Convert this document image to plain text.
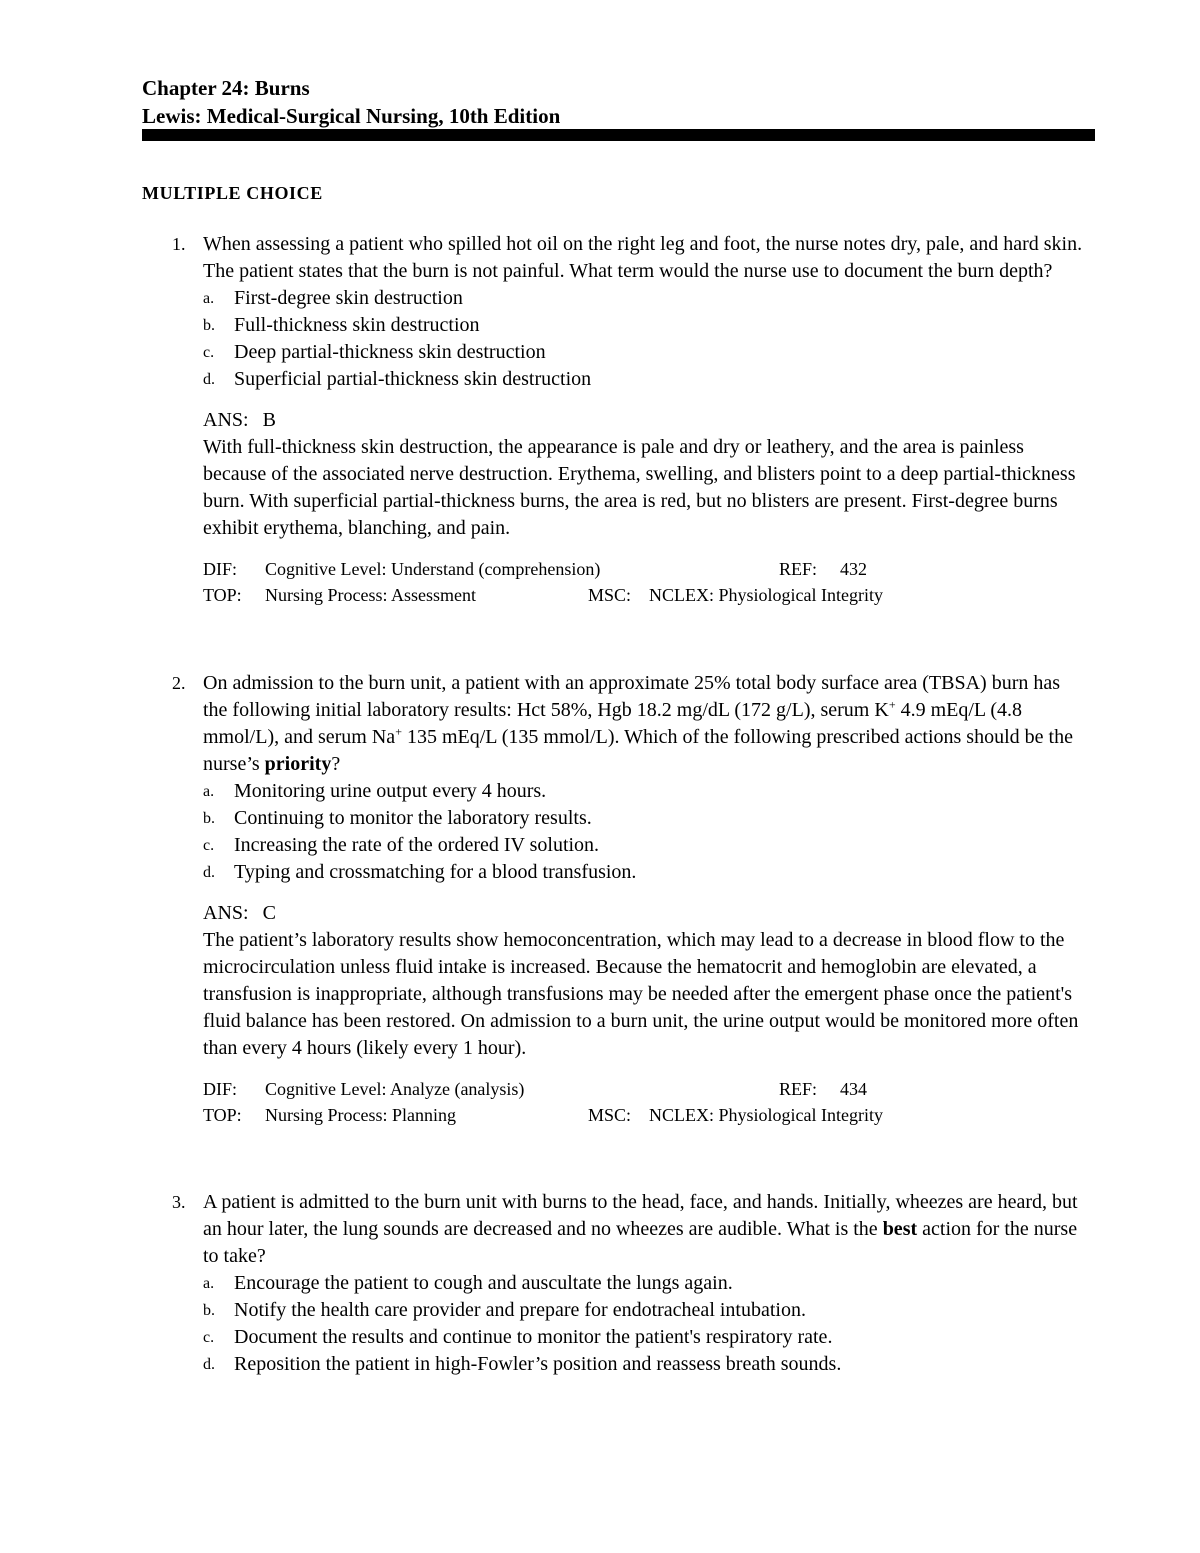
Chapter 24: Burns
Lewis: Medical-Surgical Nursing, 10th Edition
MULTIPLE CHOICE
1. When assessing a patient who spilled hot oil on the right leg and foot, the nurse notes dry, pale, and hard skin. The patient states that the burn is not painful. What term would the nurse use to document the burn depth?
a. First-degree skin destruction
b. Full-thickness skin destruction
c. Deep partial-thickness skin destruction
d. Superficial partial-thickness skin destruction
ANS: B
With full-thickness skin destruction, the appearance is pale and dry or leathery, and the area is painless because of the associated nerve destruction. Erythema, swelling, and blisters point to a deep partial-thickness burn. With superficial partial-thickness burns, the area is red, but no blisters are present. First-degree burns exhibit erythema, blanching, and pain.
DIF: Cognitive Level: Understand (comprehension)	REF: 432
TOP: Nursing Process: Assessment	MSC: NCLEX: Physiological Integrity
2. On admission to the burn unit, a patient with an approximate 25% total body surface area (TBSA) burn has the following initial laboratory results: Hct 58%, Hgb 18.2 mg/dL (172 g/L), serum K+ 4.9 mEq/L (4.8 mmol/L), and serum Na+ 135 mEq/L (135 mmol/L). Which of the following prescribed actions should be the nurse’s priority?
a. Monitoring urine output every 4 hours.
b. Continuing to monitor the laboratory results.
c. Increasing the rate of the ordered IV solution.
d. Typing and crossmatching for a blood transfusion.
ANS: C
The patient’s laboratory results show hemoconcentration, which may lead to a decrease in blood flow to the microcirculation unless fluid intake is increased. Because the hematocrit and hemoglobin are elevated, a transfusion is inappropriate, although transfusions may be needed after the emergent phase once the patient's fluid balance has been restored. On admission to a burn unit, the urine output would be monitored more often than every 4 hours (likely every 1 hour).
DIF: Cognitive Level: Analyze (analysis)	REF: 434
TOP: Nursing Process: Planning	MSC: NCLEX: Physiological Integrity
3. A patient is admitted to the burn unit with burns to the head, face, and hands. Initially, wheezes are heard, but an hour later, the lung sounds are decreased and no wheezes are audible. What is the best action for the nurse to take?
a. Encourage the patient to cough and auscultate the lungs again.
b. Notify the health care provider and prepare for endotracheal intubation.
c. Document the results and continue to monitor the patient's respiratory rate.
d. Reposition the patient in high-Fowler’s position and reassess breath sounds.
